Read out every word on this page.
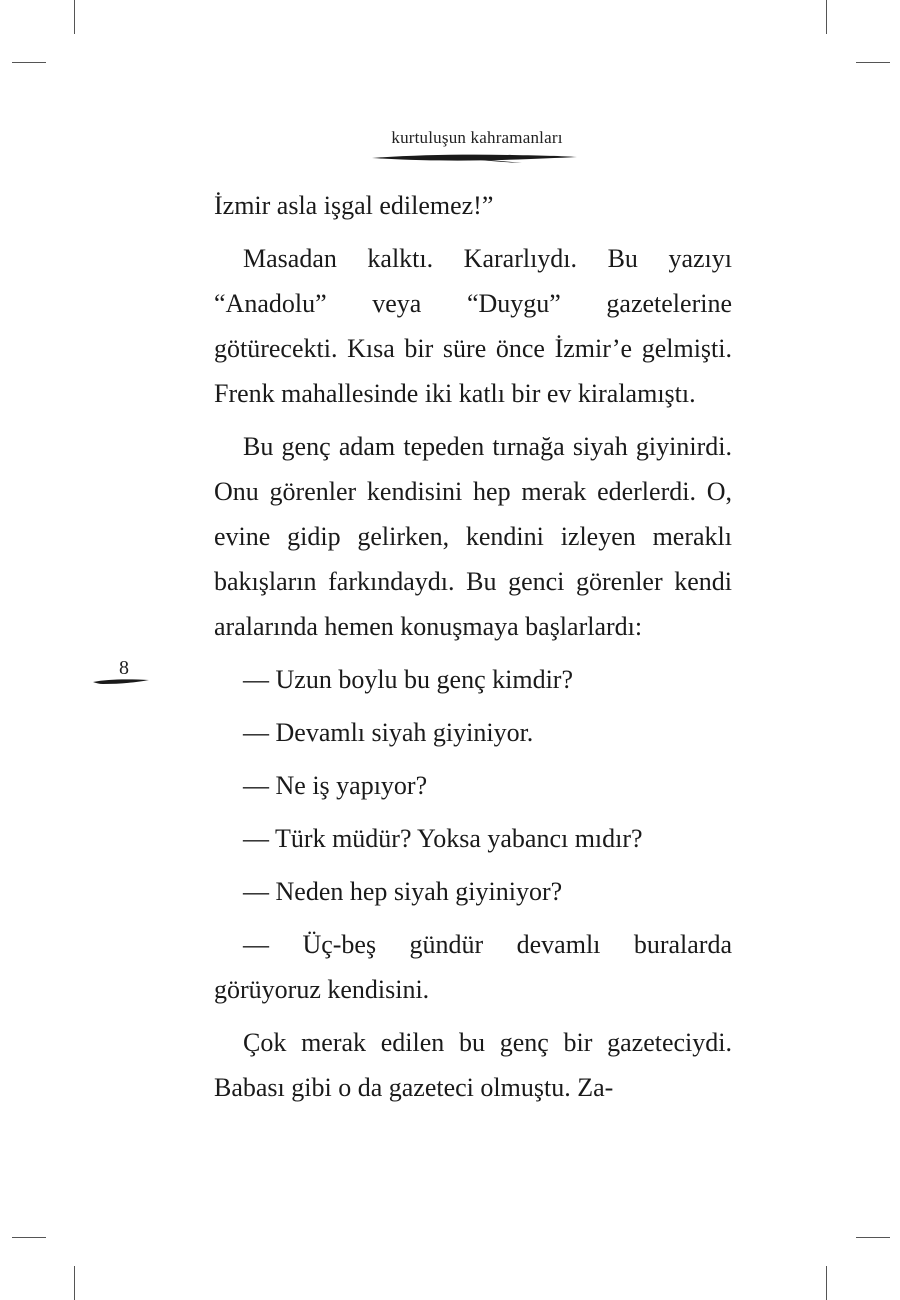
kurtuluşun kahramanları
8

İzmir asla işgal edilemez!”

Masadan kalktı. Kararlıydı. Bu yazıyı “Anadolu” veya “Duygu” gazetelerine götürecekti. Kısa bir süre önce İzmir’e gelmişti. Frenk mahallesinde iki katlı bir ev kiralamıştı.

Bu genç adam tepeden tırnağa siyah giyinirdi. Onu görenler kendisini hep merak ederlerdi. O, evine gidip gelirken, kendini izleyen meraklı bakışların farkındaydı. Bu genci görenler kendi aralarında hemen konuşmaya başlarlardı:

— Uzun boylu bu genç kimdir?

— Devamlı siyah giyiniyor.

— Ne iş yapıyor?

— Türk müdür? Yoksa yabancı mıdır?

— Neden hep siyah giyiniyor?

— Üç-beş gündür devamlı buralarda görüyoruz kendisini.

Çok merak edilen bu genç bir gazeteciydi. Babası gibi o da gazeteci olmuştu. Za-
